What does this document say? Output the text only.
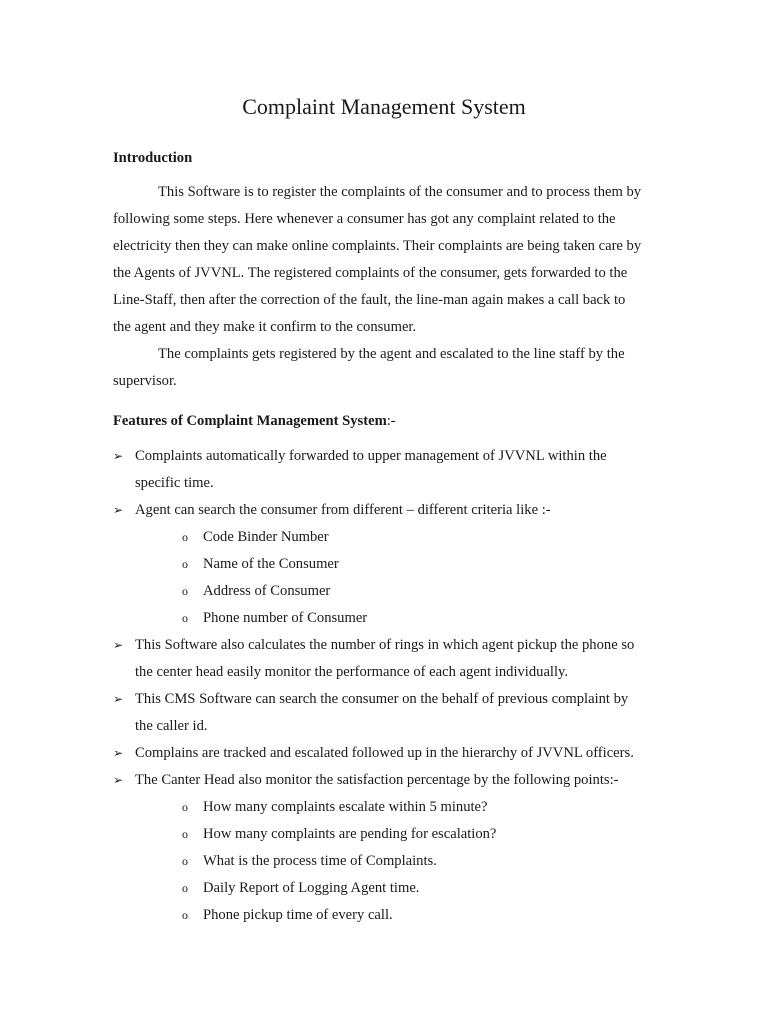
Complaint Management System
Introduction

This Software is to register the complaints of the consumer and to process them by following some steps. Here whenever a consumer has got any complaint related to the electricity then they can make online complaints. Their complaints are being taken care by the Agents of JVVNL. The registered complaints of the consumer, gets forwarded to the Line-Staff, then after the correction of the fault, the line-man again makes a call back to the agent and they make it confirm to the consumer.

The complaints gets registered by the agent and escalated to the line staff by the supervisor.

Features of Complaint Management System:-
➢ Complaints automatically forwarded to upper management of JVVNL within the specific time.
➢ Agent can search the consumer from different – different criteria like :-
o Code Binder Number
o Name of the Consumer
o Address of Consumer
o Phone number of Consumer
➢ This Software also calculates the number of rings in which agent pickup the phone so the center head easily monitor the performance of each agent individually.
➢ This CMS Software can search the consumer on the behalf of previous complaint by the caller id.
➢ Complains are tracked and escalated followed up in the hierarchy of JVVNL officers.
➢ The Canter Head also monitor the satisfaction percentage by the following points:-
o How many complaints escalate within 5 minute?
o How many complaints are pending for escalation?
o What is the process time of Complaints.
o Daily Report of Logging Agent time.
o Phone pickup time of every call.
